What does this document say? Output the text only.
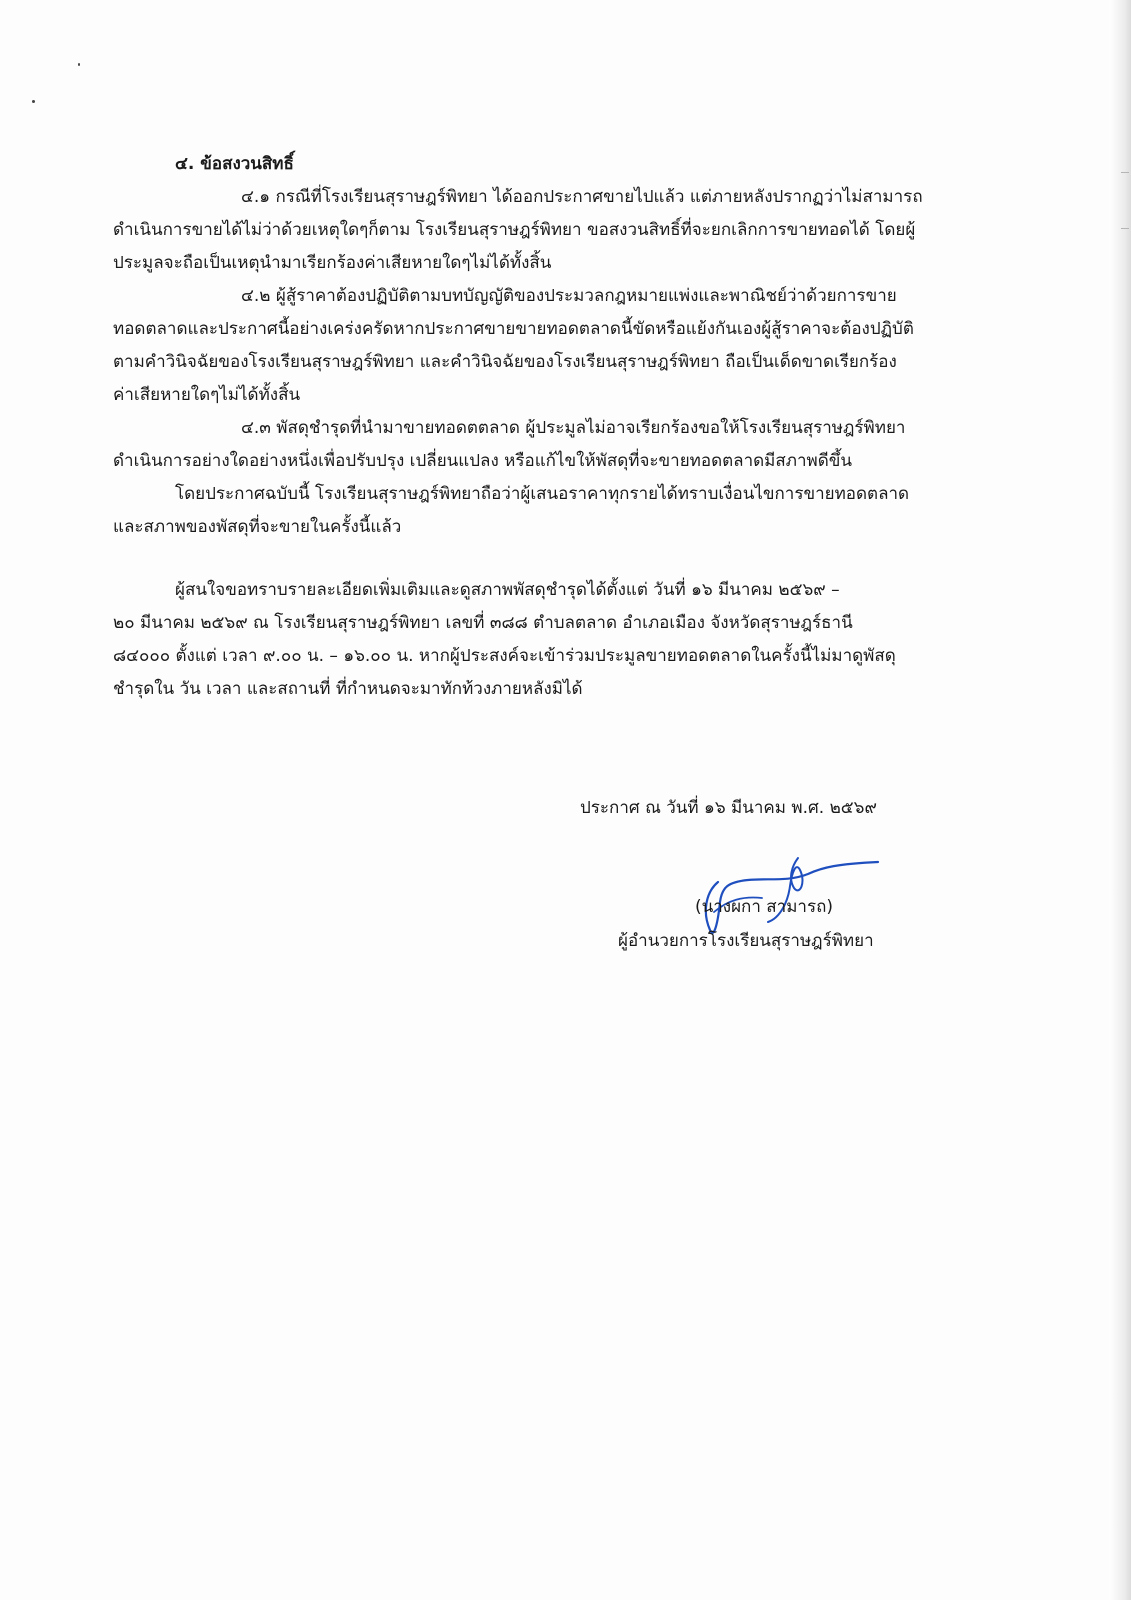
๔. ข้อสงวนสิทธิ์
๔.๑ กรณีที่โรงเรียนสุราษฎร์พิทยา ได้ออกประกาศขายไปแล้ว แต่ภายหลังปรากฏว่าไม่สามารถ
ดำเนินการขายได้ไม่ว่าด้วยเหตุใดๆก็ตาม โรงเรียนสุราษฎร์พิทยา ขอสงวนสิทธิ์ที่จะยกเลิกการขายทอดได้ โดยผู้
ประมูลจะถือเป็นเหตุนำมาเรียกร้องค่าเสียหายใดๆไม่ได้ทั้งสิ้น
๔.๒ ผู้สู้ราคาต้องปฏิบัติตามบทบัญญัติของประมวลกฎหมายแพ่งและพาณิชย์ว่าด้วยการขาย
ทอดตลาดและประกาศนี้อย่างเคร่งครัดหากประกาศขายขายทอดตลาดนี้ขัดหรือแย้งกันเองผู้สู้ราคาจะต้องปฏิบัติ
ตามคำวินิจฉัยของโรงเรียนสุราษฎร์พิทยา และคำวินิจฉัยของโรงเรียนสุราษฎร์พิทยา ถือเป็นเด็ดขาดเรียกร้อง
ค่าเสียหายใดๆไม่ได้ทั้งสิ้น
๔.๓ พัสดุชำรุดที่นำมาขายทอดตตลาด ผู้ประมูลไม่อาจเรียกร้องขอให้โรงเรียนสุราษฎร์พิทยา
ดำเนินการอย่างใดอย่างหนึ่งเพื่อปรับปรุง เปลี่ยนแปลง หรือแก้ไขให้พัสดุที่จะขายทอดตลาดมีสภาพดีขึ้น
โดยประกาศฉบับนี้ โรงเรียนสุราษฎร์พิทยาถือว่าผู้เสนอราคาทุกรายได้ทราบเงื่อนไขการขายทอดตลาด
และสภาพของพัสดุที่จะขายในครั้งนี้แล้ว
ผู้สนใจขอทราบรายละเอียดเพิ่มเติมและดูสภาพพัสดุชำรุดได้ตั้งแต่ วันที่ ๑๖ มีนาคม ๒๕๖๙ –
๒๐ มีนาคม ๒๕๖๙ ณ โรงเรียนสุราษฎร์พิทยา เลขที่ ๓๘๘ ตำบลตลาด อำเภอเมือง จังหวัดสุราษฎร์ธานี
๘๔๐๐๐ ตั้งแต่ เวลา ๙.๐๐ น. – ๑๖.๐๐ น. หากผู้ประสงค์จะเข้าร่วมประมูลขายทอดตลาดในครั้งนี้ไม่มาดูพัสดุ
ชำรุดใน วัน เวลา และสถานที่ ที่กำหนดจะมาทักท้วงภายหลังมิได้
ประกาศ ณ วันที่ ๑๖ มีนาคม พ.ศ. ๒๕๖๙
(นางผกา สามารถ)
ผู้อำนวยการโรงเรียนสุราษฎร์พิทยา
